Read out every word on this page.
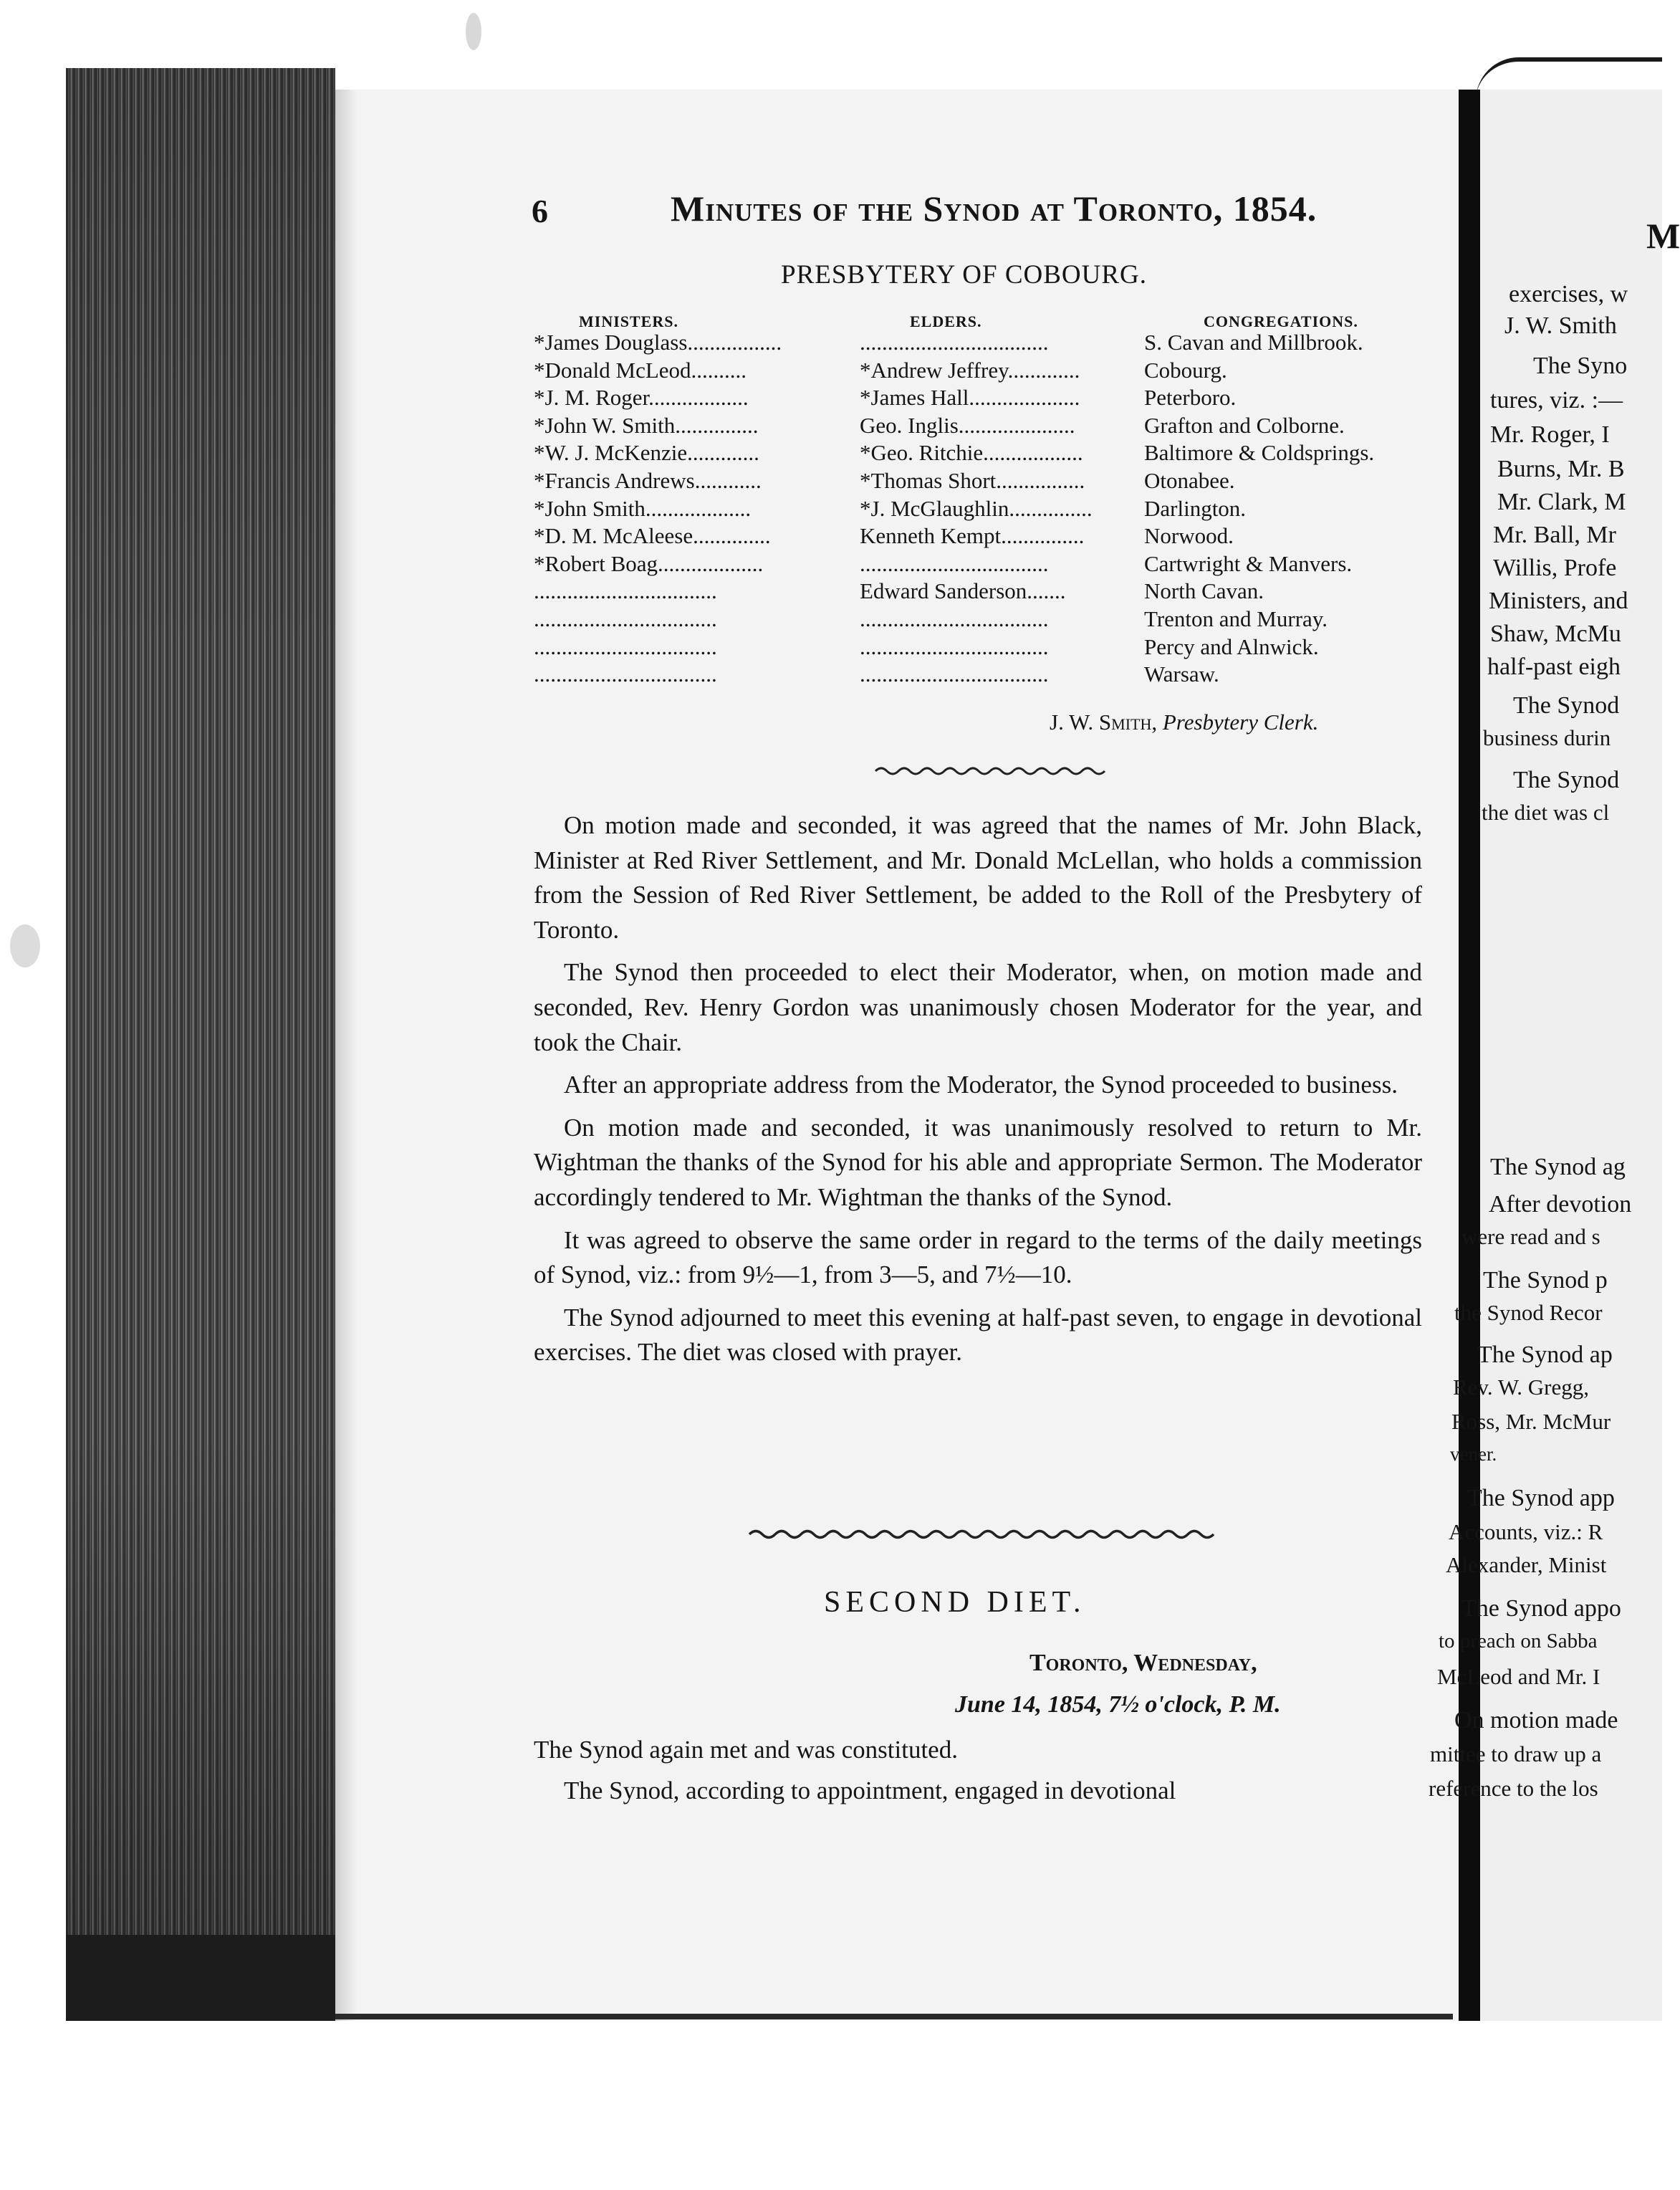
6	Minutes of the Synod at Toronto, 1854.
PRESBYTERY OF COBOURG.
MINISTERS.	ELDERS.	CONGREGATIONS.
*James Douglass.................	..................................	S. Cavan and Millbrook.
*Donald McLeod..........	*Andrew Jeffrey.............	Cobourg.
*J. M. Roger..................	*James Hall....................	Peterboro.
*John W. Smith...............	Geo. Inglis.....................	Grafton and Colborne.
*W. J. McKenzie.............	*Geo. Ritchie..................	Baltimore & Coldsprings.
*Francis Andrews............	*Thomas Short................	Otonabee.
*John Smith...................	*J. McGlaughlin............... Darlington.
*D. M. McAleese..............	Kenneth Kempt...............	Norwood.
*Robert Boag...................	..................................	Cartwright & Manvers.
.................................	Edward Sanderson.......	North Cavan.
.................................	..................................	Trenton and Murray.
.................................	..................................	Percy and Alnwick.
.................................	..................................	Warsaw.
J. W. Smith, Presbytery Clerk.

On motion made and seconded, it was agreed that the names of Mr. John Black, Minister at Red River Settlement, and Mr. Donald McLellan, who holds a commission from the Session of Red River Settlement, be added to the Roll of the Presbytery of Toronto.

The Synod then proceeded to elect their Moderator, when, on motion made and seconded, Rev. Henry Gordon was unanimously chosen Moderator for the year, and took the Chair.

After an appropriate address from the Moderator, the Synod proceeded to business.

On motion made and seconded, it was unanimously resolved to return to Mr. Wightman the thanks of the Synod for his able and appropriate Sermon. The Moderator accordingly tendered to Mr. Wightman the thanks of the Synod.

It was agreed to observe the same order in regard to the terms of the daily meetings of Synod, viz.: from 9½—1, from 3—5, and 7½—10.

The Synod adjourned to meet this evening at half-past seven, to engage in devotional exercises. The diet was closed with prayer.

SECOND DIET.
Toronto, Wednesday,
June 14, 1854, 7½ o'clock, P. M.

The Synod again met and was constituted.

The Synod, according to appointment, engaged in devotional

M
exercises, w
J. W. Smith
The Syno
tures, viz. :—
Mr. Roger, I
Burns, Mr. B
Mr. Clark, M
Mr. Ball, Mr
Willis, Profe
Ministers, and
Shaw, McMu
half-past eigh
The Synod
business durin
The Synod
the diet was cl
The Synod ag
After devotion
were read and s
The Synod p
the Synod Recor
The Synod ap
Rev. W. Gregg,
Ross, Mr. McMur
vener.
The Synod app
Accounts, viz.: R
Alexander, Minist
The Synod appo
to preach on Sabba
McLeod and Mr. I
On motion made
mittee to draw up a
reference to the los
